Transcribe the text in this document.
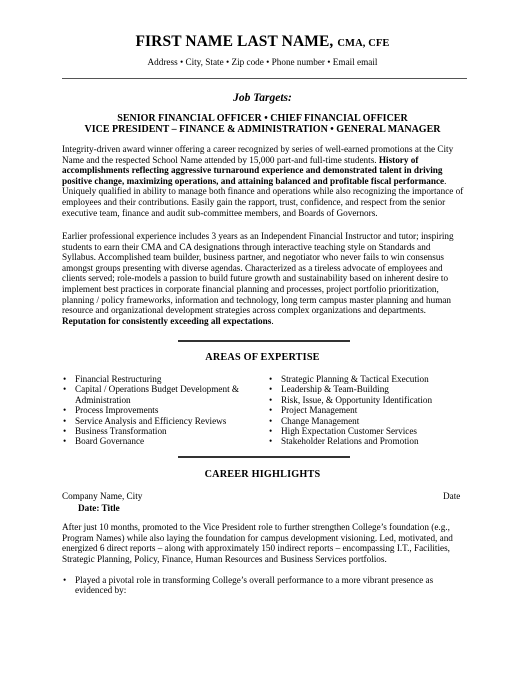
FIRST NAME LAST NAME, CMA, CFE
Address • City, State • Zip code • Phone number • Email email
Job Targets:
SENIOR FINANCIAL OFFICER • CHIEF FINANCIAL OFFICER
VICE PRESIDENT – FINANCE & ADMINISTRATION • GENERAL MANAGER
Integrity-driven award winner offering a career recognized by series of well-earned promotions at the City Name and the respected School Name attended by 15,000 part-and full-time students. History of accomplishments reflecting aggressive turnaround experience and demonstrated talent in driving positive change, maximizing operations, and attaining balanced and profitable fiscal performance. Uniquely qualified in ability to manage both finance and operations while also recognizing the importance of employees and their contributions. Easily gain the rapport, trust, confidence, and respect from the senior executive team, finance and audit sub-committee members, and Boards of Governors.
Earlier professional experience includes 3 years as an Independent Financial Instructor and tutor; inspiring students to earn their CMA and CA designations through interactive teaching style on Standards and Syllabus. Accomplished team builder, business partner, and negotiator who never fails to win consensus amongst groups presenting with diverse agendas. Characterized as a tireless advocate of employees and clients served; role-models a passion to build future growth and sustainability based on inherent desire to implement best practices in corporate financial planning and processes, project portfolio prioritization, planning / policy frameworks, information and technology, long term campus master planning and human resource and organizational development strategies across complex organizations and departments. Reputation for consistently exceeding all expectations.
AREAS OF EXPERTISE
• Financial Restructuring
• Capital / Operations Budget Development & Administration
• Process Improvements
• Service Analysis and Efficiency Reviews
• Business Transformation
• Board Governance
• Strategic Planning & Tactical Execution
• Leadership & Team-Building
• Risk, Issue, & Opportunity Identification
• Project Management
• Change Management
• High Expectation Customer Services
• Stakeholder Relations and Promotion
CAREER HIGHLIGHTS
Company Name, City	Date
Date: Title
After just 10 months, promoted to the Vice President role to further strengthen College’s foundation (e.g., Program Names) while also laying the foundation for campus development visioning. Led, motivated, and energized 6 direct reports – along with approximately 150 indirect reports – encompassing I.T., Facilities, Strategic Planning, Policy, Finance, Human Resources and Business Services portfolios.
• Played a pivotal role in transforming College’s overall performance to a more vibrant presence as evidenced by:
